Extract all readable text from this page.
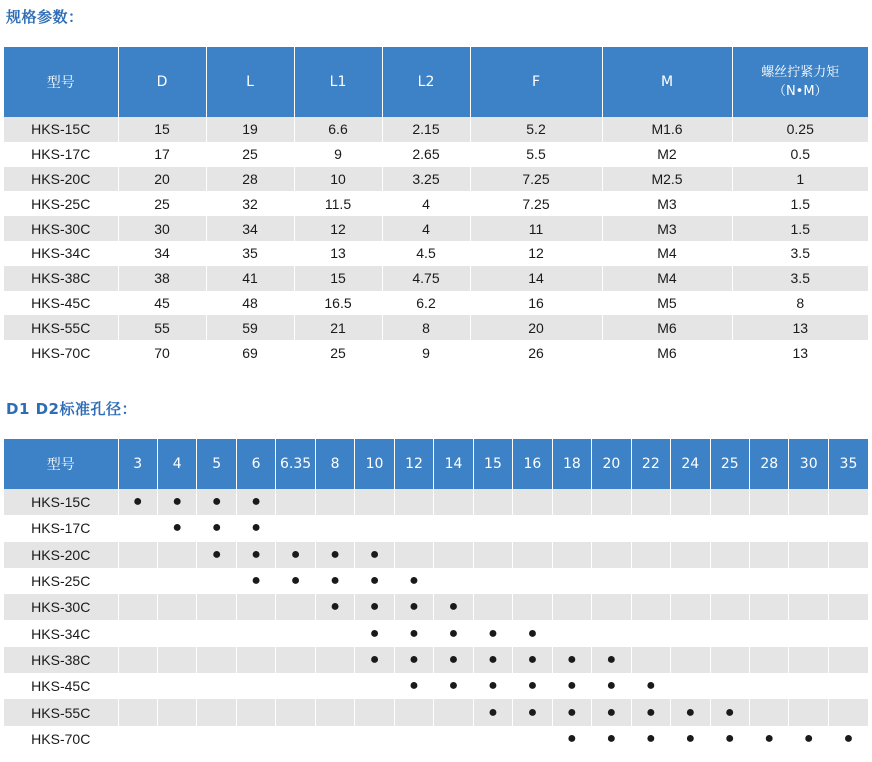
规格参数：
型号	D	L	L1	L2	F	M	螺丝拧紧力矩
（N•M）

HKS-15C	15	19	6.6	2.15	5.2	M1.6	0.25
HKS-17C	17	25	9	2.65	5.5	M2	0.5
HKS-20C	20	28	10	3.25	7.25	M2.5	1
HKS-25C	25	32	11.5	4	7.25	M3	1.5
HKS-30C	30	34	12	4	11	M3	1.5
HKS-34C	34	35	13	4.5	12	M4	3.5
HKS-38C	38	41	15	4.75	14	M4	3.5
HKS-45C	45	48	16.5	6.2	16	M5	8
HKS-55C	55	59	21	8	20	M6	13
HKS-70C	70	69	25	9	26	M6	13
D1 D2标准孔径：
型号	3	4	5	6	6.35	8	10	12	14	15	16	18	20	22	24	25	28	30	35
HKS-15C	●	●	●	●															
HKS-17C		●	●	●															
HKS-20C			●	●	●	●	●												
HKS-25C				●	●	●	●	●											
HKS-30C						●	●	●	●										
HKS-34C							●	●	●	●	●								
HKS-38C							●	●	●	●	●	●	●						
HKS-45C								●	●	●	●	●	●	●					
HKS-55C										●	●	●	●	●	●	●			
HKS-70C												●	●	●	●	●	●	●	●
